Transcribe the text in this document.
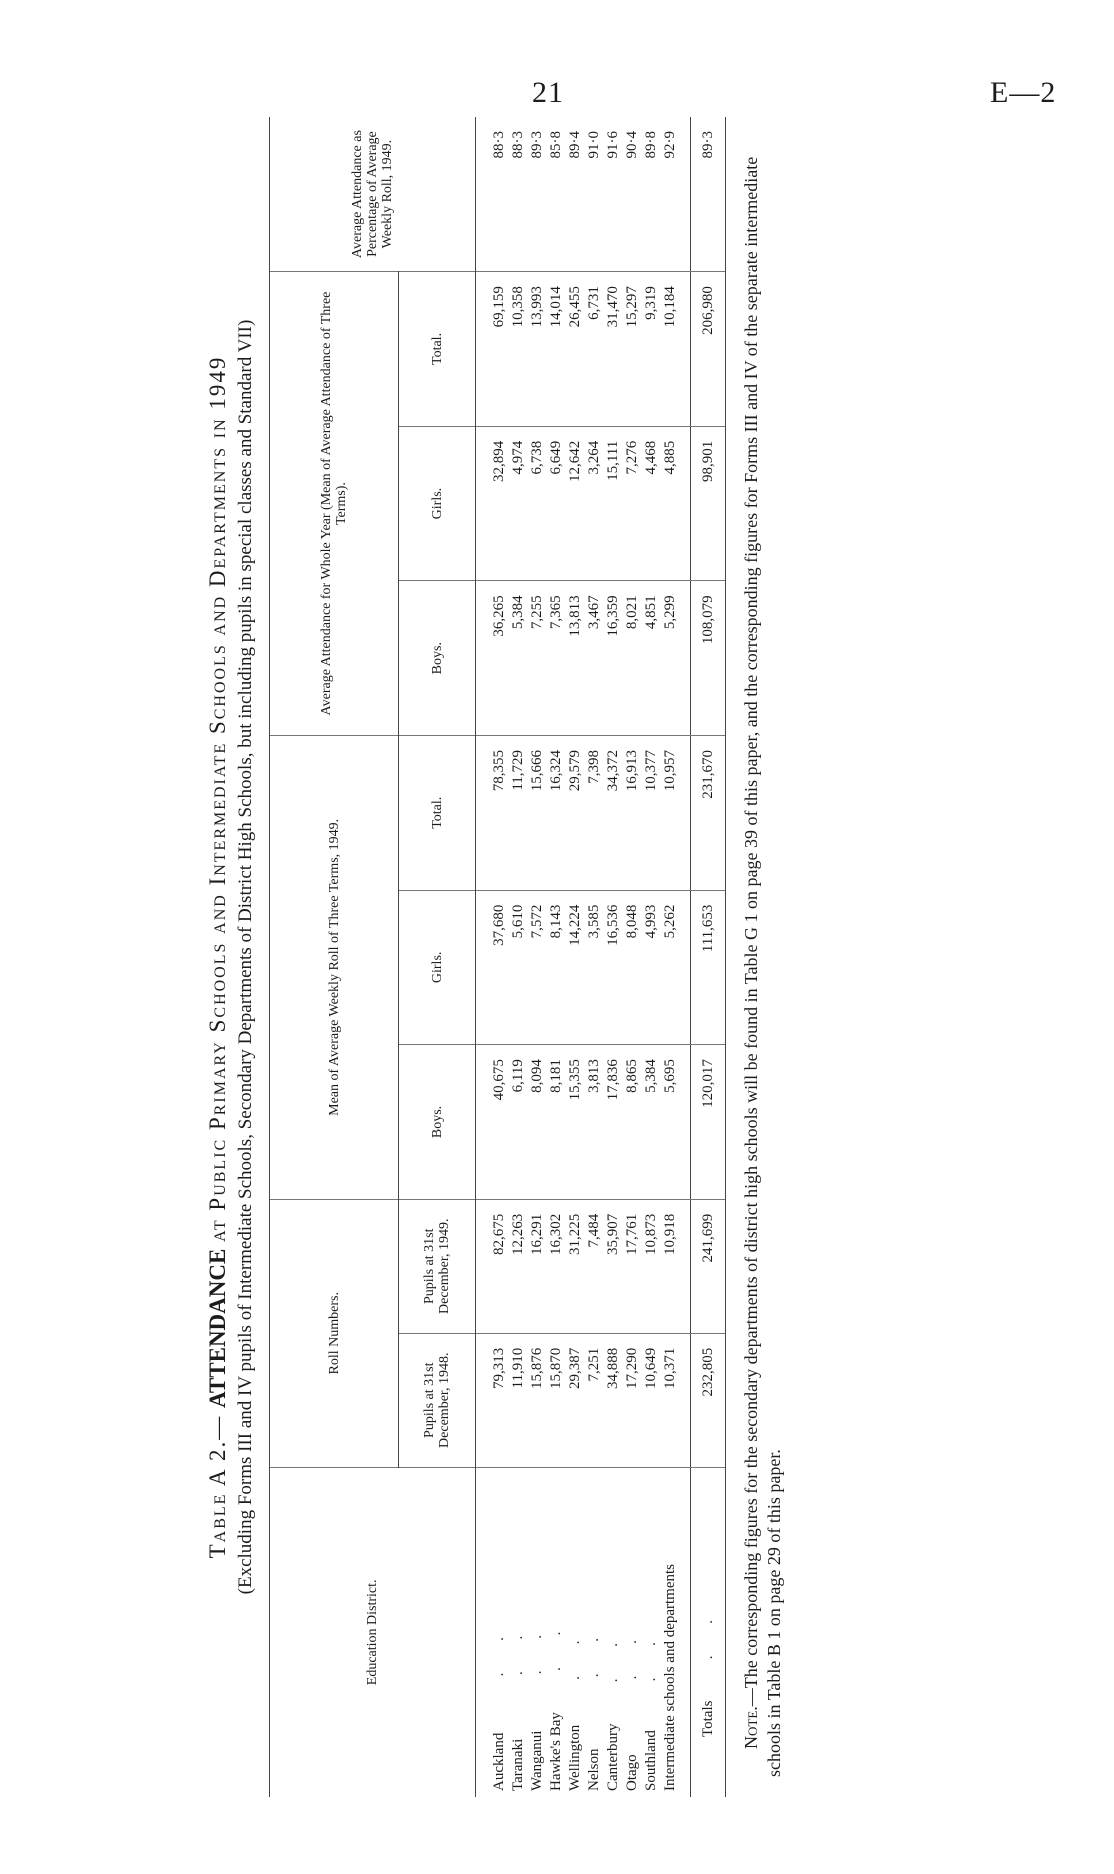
21	E—2
Table A 2.— ATTENDANCE at Public Primary Schools and Intermediate Schools and Departments in 1949 (Excluding Forms III and IV pupils of Intermediate Schools, Secondary Departments of District High Schools, but including pupils in special classes and Standard VII)
Education District.	Roll Numbers.		Mean of Average Weekly Roll of Three Terms, 1949.			Average Attendance for Whole Year (Mean of Average Attendance of Three Terms).			Average Attendance as Percentage of Average Weekly Roll, 1949.
	Pupils at 31st December, 1948.	Pupils at 31st December, 1949.	Boys.	Girls.	Total.	Boys.	Girls.	Total.	
Auckland               . .	79,313	82,675	40,675	37,680	78,355	36,265	32,894	69,159	88·3
Taranaki                 . .	11,910	12,263	6,119	5,610	11,729	5,384	4,974	10,358	88·3
Wanganui               . .	15,876	16,291	8,094	7,572	15,666	7,255	6,738	13,993	89·3
Hawke's Bay           . .	15,870	16,302	8,181	8,143	16,324	7,365	6,649	14,014	85·8
Wellington            . .	29,387	31,225	15,355	14,224	29,579	13,813	12,642	26,455	89·4
Nelson                   . .	7,251	7,484	3,813	3,585	7,398	3,467	3,264	6,731	91·0
Canterbury           . .	34,888	35,907	17,836	16,536	34,372	16,359	15,111	31,470	91·6
Otago                    . .	17,290	17,761	8,865	8,048	16,913	8,021	7,276	15,297	90·4
Southland             . .	10,649	10,873	5,384	4,993	10,377	4,851	4,468	9,319	89·8
Intermediate schools and departments	10,371	10,918	5,695	5,262	10,957	5,299	4,885	10,184	92·9
Totals           . .	232,805	241,699	120,017	111,653	231,670	108,079	98,901	206,980	89·3

Note.—The corresponding figures for the secondary departments of district high schools will be found in Table G 1 on page 39 of this paper, and the corresponding figures for Forms III and IV of the separate intermediate schools in Table B 1 on page 29 of this paper.
